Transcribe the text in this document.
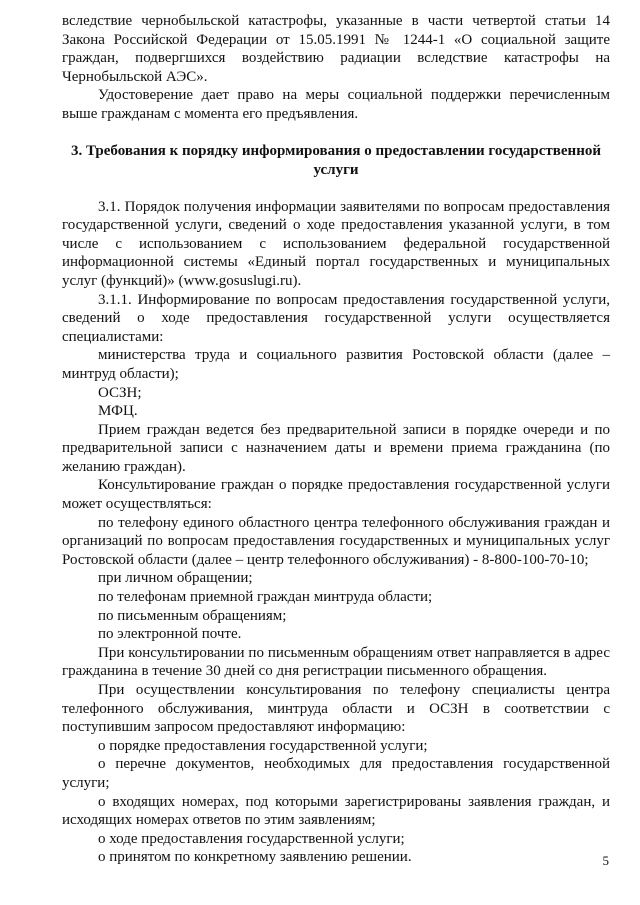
вследствие чернобыльской катастрофы, указанные в части четвертой статьи 14 Закона Российской Федерации от 15.05.1991 № 1244-1 «О социальной защите граждан, подвергшихся воздействию радиации вследствие катастрофы на Чернобыльской АЭС».

Удостоверение дает право на меры социальной поддержки перечисленным выше гражданам с момента его предъявления.

3. Требования к порядку информирования о предоставлении государственной услуги

3.1. Порядок получения информации заявителями по вопросам предоставления государственной услуги, сведений о ходе предоставления указанной услуги, в том числе с использованием с использованием федеральной государственной информационной системы «Единый портал государственных и муниципальных услуг (функций)» (www.gosuslugi.ru).

3.1.1. Информирование по вопросам предоставления государственной услуги, сведений о ходе предоставления государственной услуги осуществляется специалистами:

министерства труда и социального развития Ростовской области (далее – минтруд области);

ОСЗН;

МФЦ.

Прием граждан ведется без предварительной записи в порядке очереди и по предварительной записи с назначением даты и времени приема гражданина (по желанию граждан).

Консультирование граждан о порядке предоставления государственной услуги может осуществляться:

по телефону единого областного центра телефонного обслуживания граждан и организаций по вопросам предоставления государственных и муниципальных услуг Ростовской области (далее – центр телефонного обслуживания) - 8-800-100-70-10;

при личном обращении;

по телефонам приемной граждан минтруда области;

по письменным обращениям;

по электронной почте.

При консультировании по письменным обращениям ответ направляется в адрес гражданина в течение 30 дней со дня регистрации письменного обращения.

При осуществлении консультирования по телефону специалисты центра телефонного обслуживания, минтруда области и ОСЗН в соответствии с поступившим запросом предоставляют информацию:

о порядке предоставления государственной услуги;

о перечне документов, необходимых для предоставления государственной услуги;

о входящих номерах, под которыми зарегистрированы заявления граждан, и исходящих номерах ответов по этим заявлениям;

о ходе предоставления государственной услуги;

о принятом по конкретному заявлению решении.	5
